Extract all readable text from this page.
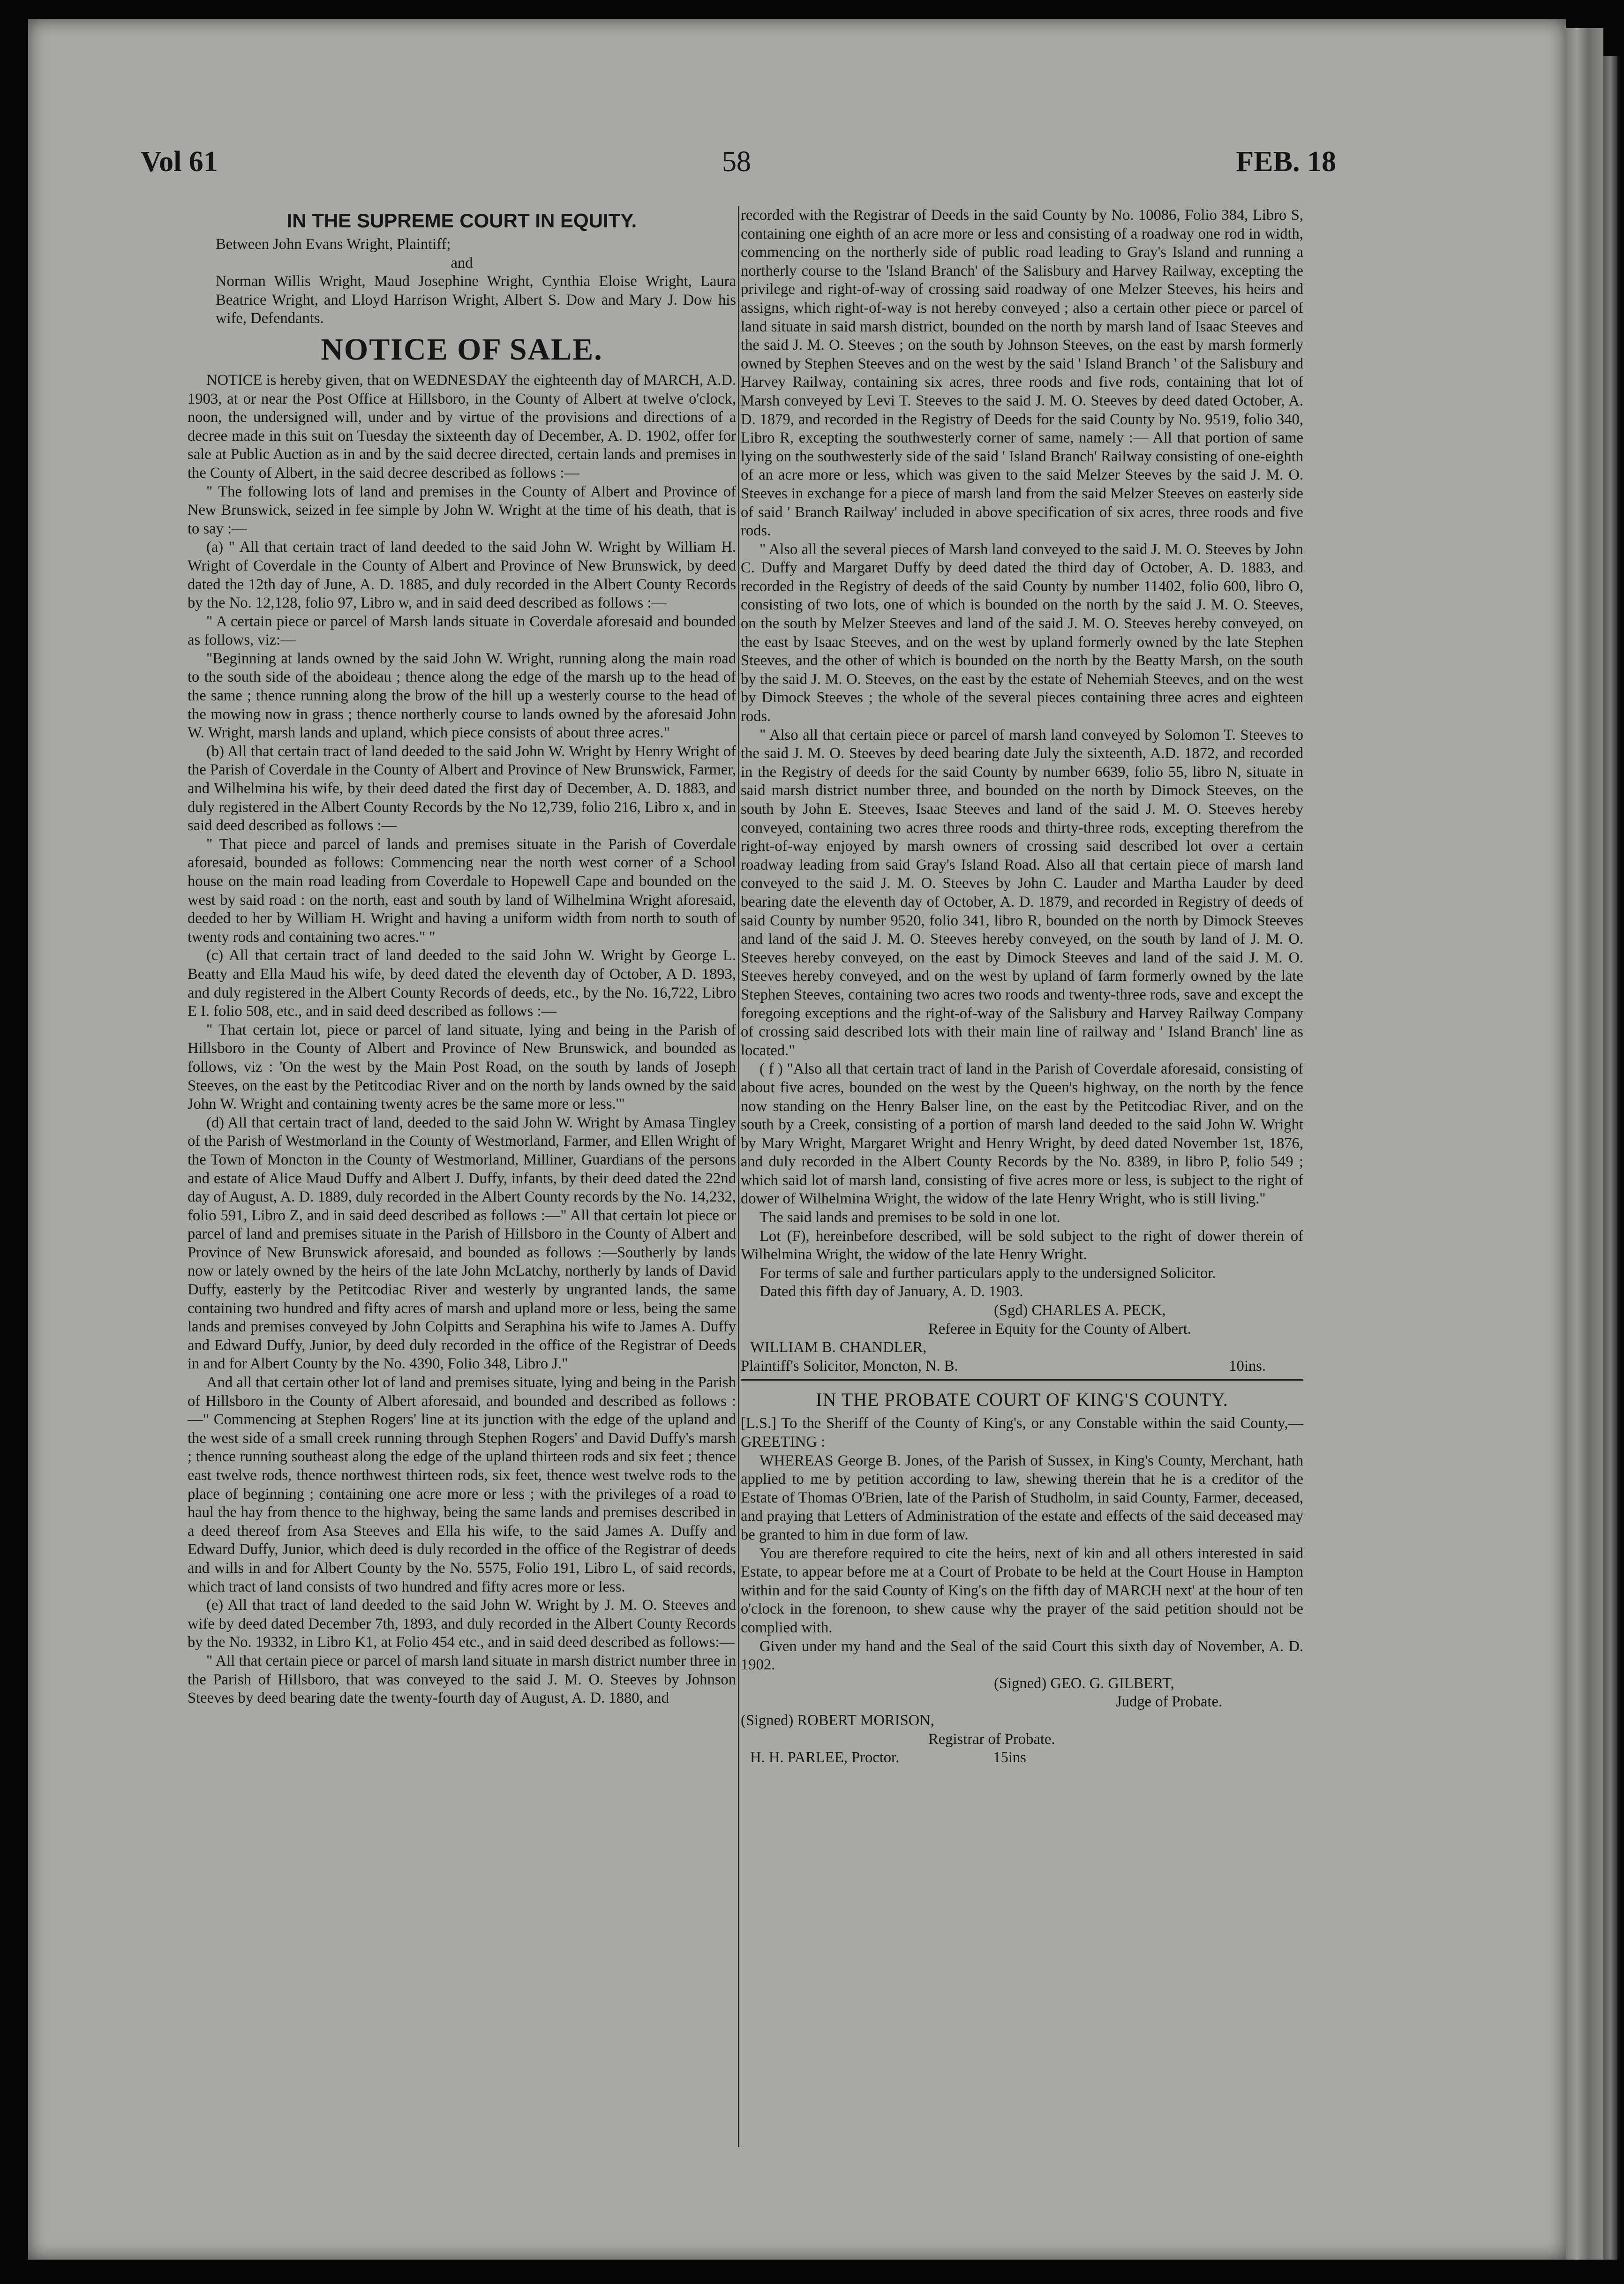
Vol 61	58	FEB. 18

IN THE SUPREME COURT IN EQUITY.

Between John Evans Wright, Plaintiff;

and

Norman Willis Wright, Maud Josephine Wright, Cynthia Eloise Wright, Laura Beatrice Wright, and Lloyd Harrison Wright, Albert S. Dow and Mary J. Dow his wife, Defendants.

NOTICE OF SALE.

NOTICE is hereby given, that on WEDNESDAY the eighteenth day of MARCH, A.D. 1903, at or near the Post Office at Hillsboro, in the County of Albert at twelve o'clock, noon, the undersigned will, under and by virtue of the provisions and directions of a decree made in this suit on Tuesday the sixteenth day of December, A. D. 1902, offer for sale at Public Auction as in and by the said decree directed, certain lands and premises in the County of Albert, in the said decree described as follows :—

" The following lots of land and premises in the County of Albert and Province of New Brunswick, seized in fee simple by John W. Wright at the time of his death, that is to say :—

(a) " All that certain tract of land deeded to the said John W. Wright by William H. Wright of Coverdale in the County of Albert and Province of New Brunswick, by deed dated the 12th day of June, A. D. 1885, and duly recorded in the Albert County Records by the No. 12,128, folio 97, Libro w, and in said deed described as follows :—

" A certain piece or parcel of Marsh lands situate in Coverdale aforesaid and bounded as follows, viz:—

"Beginning at lands owned by the said John W. Wright, running along the main road to the south side of the aboideau ; thence along the edge of the marsh up to the head of the same ; thence running along the brow of the hill up a westerly course to the head of the mowing now in grass ; thence northerly course to lands owned by the aforesaid John W. Wright, marsh lands and upland, which piece consists of about three acres."

(b) All that certain tract of land deeded to the said John W. Wright by Henry Wright of the Parish of Coverdale in the County of Albert and Province of New Brunswick, Farmer, and Wilhelmina his wife, by their deed dated the first day of December, A. D. 1883, and duly registered in the Albert County Records by the No 12,739, folio 216, Libro x, and in said deed described as follows :—

" That piece and parcel of lands and premises situate in the Parish of Coverdale aforesaid, bounded as follows: Commencing near the north west corner of a School house on the main road leading from Coverdale to Hopewell Cape and bounded on the west by said road : on the north, east and south by land of Wilhelmina Wright aforesaid, deeded to her by William H. Wright and having a uniform width from north to south of twenty rods and containing two acres." "

(c) All that certain tract of land deeded to the said John W. Wright by George L. Beatty and Ella Maud his wife, by deed dated the eleventh day of October, A D. 1893, and duly registered in the Albert County Records of deeds, etc., by the No. 16,722, Libro E I. folio 508, etc., and in said deed described as follows :—

" That certain lot, piece or parcel of land situate, lying and being in the Parish of Hillsboro in the County of Albert and Province of New Brunswick, and bounded as follows, viz : 'On the west by the Main Post Road, on the south by lands of Joseph Steeves, on the east by the Petitcodiac River and on the north by lands owned by the said John W. Wright and containing twenty acres be the same more or less.'"

(d) All that certain tract of land, deeded to the said John W. Wright by Amasa Tingley of the Parish of Westmorland in the County of Westmorland, Farmer, and Ellen Wright of the Town of Moncton in the County of Westmorland, Milliner, Guardians of the persons and estate of Alice Maud Duffy and Albert J. Duffy, infants, by their deed dated the 22nd day of August, A. D. 1889, duly recorded in the Albert County records by the No. 14,232, folio 591, Libro Z, and in said deed described as follows :—" All that certain lot piece or parcel of land and premises situate in the Parish of Hillsboro in the County of Albert and Province of New Brunswick aforesaid, and bounded as follows :—Southerly by lands now or lately owned by the heirs of the late John McLatchy, northerly by lands of David Duffy, easterly by the Petitcodiac River and westerly by ungranted lands, the same containing two hundred and fifty acres of marsh and upland more or less, being the same lands and premises conveyed by John Colpitts and Seraphina his wife to James A. Duffy and Edward Duffy, Junior, by deed duly recorded in the office of the Registrar of Deeds in and for Albert County by the No. 4390, Folio 348, Libro J."

And all that certain other lot of land and premises situate, lying and being in the Parish of Hillsboro in the County of Albert aforesaid, and bounded and described as follows :—" Commencing at Stephen Rogers' line at its junction with the edge of the upland and the west side of a small creek running through Stephen Rogers' and David Duffy's marsh ; thence running southeast along the edge of the upland thirteen rods and six feet ; thence east twelve rods, thence northwest thirteen rods, six feet, thence west twelve rods to the place of beginning ; containing one acre more or less ; with the privileges of a road to haul the hay from thence to the highway, being the same lands and premises described in a deed thereof from Asa Steeves and Ella his wife, to the said James A. Duffy and Edward Duffy, Junior, which deed is duly recorded in the office of the Registrar of deeds and wills in and for Albert County by the No. 5575, Folio 191, Libro L, of said records, which tract of land consists of two hundred and fifty acres more or less.

(e) All that tract of land deeded to the said John W. Wright by J. M. O. Steeves and wife by deed dated December 7th, 1893, and duly recorded in the Albert County Records by the No. 19332, in Libro K1, at Folio 454 etc., and in said deed described as follows:—

" All that certain piece or parcel of marsh land situate in marsh district number three in the Parish of Hillsboro, that was conveyed to the said J. M. O. Steeves by Johnson Steeves by deed bearing date the twenty-fourth day of August, A. D. 1880, and

recorded with the Registrar of Deeds in the said County by No. 10086, Folio 384, Libro S, containing one eighth of an acre more or less and consisting of a roadway one rod in width, commencing on the northerly side of public road leading to Gray's Island and running a northerly course to the 'Island Branch' of the Salisbury and Harvey Railway, excepting the privilege and right-of-way of crossing said roadway of one Melzer Steeves, his heirs and assigns, which right-of-way is not hereby conveyed ; also a certain other piece or parcel of land situate in said marsh district, bounded on the north by marsh land of Isaac Steeves and the said J. M. O. Steeves ; on the south by Johnson Steeves, on the east by marsh formerly owned by Stephen Steeves and on the west by the said ' Island Branch ' of the Salisbury and Harvey Railway, containing six acres, three roods and five rods, containing that lot of Marsh conveyed by Levi T. Steeves to the said J. M. O. Steeves by deed dated October, A. D. 1879, and recorded in the Registry of Deeds for the said County by No. 9519, folio 340, Libro R, excepting the southwesterly corner of same, namely :— All that portion of same lying on the southwesterly side of the said ' Island Branch' Railway consisting of one-eighth of an acre more or less, which was given to the said Melzer Steeves by the said J. M. O. Steeves in exchange for a piece of marsh land from the said Melzer Steeves on easterly side of said ' Branch Railway' included in above specification of six acres, three roods and five rods.

" Also all the several pieces of Marsh land conveyed to the said J. M. O. Steeves by John C. Duffy and Margaret Duffy by deed dated the third day of October, A. D. 1883, and recorded in the Registry of deeds of the said County by number 11402, folio 600, libro O, consisting of two lots, one of which is bounded on the north by the said J. M. O. Steeves, on the south by Melzer Steeves and land of the said J. M. O. Steeves hereby conveyed, on the east by Isaac Steeves, and on the west by upland formerly owned by the late Stephen Steeves, and the other of which is bounded on the north by the Beatty Marsh, on the south by the said J. M. O. Steeves, on the east by the estate of Nehemiah Steeves, and on the west by Dimock Steeves ; the whole of the several pieces containing three acres and eighteen rods.

" Also all that certain piece or parcel of marsh land conveyed by Solomon T. Steeves to the said J. M. O. Steeves by deed bearing date July the sixteenth, A.D. 1872, and recorded in the Registry of deeds for the said County by number 6639, folio 55, libro N, situate in said marsh district number three, and bounded on the north by Dimock Steeves, on the south by John E. Steeves, Isaac Steeves and land of the said J. M. O. Steeves hereby conveyed, containing two acres three roods and thirty-three rods, excepting therefrom the right-of-way enjoyed by marsh owners of crossing said described lot over a certain roadway leading from said Gray's Island Road. Also all that certain piece of marsh land conveyed to the said J. M. O. Steeves by John C. Lauder and Martha Lauder by deed bearing date the eleventh day of October, A. D. 1879, and recorded in Registry of deeds of said County by number 9520, folio 341, libro R, bounded on the north by Dimock Steeves and land of the said J. M. O. Steeves hereby conveyed, on the south by land of J. M. O. Steeves hereby conveyed, on the east by Dimock Steeves and land of the said J. M. O. Steeves hereby conveyed, and on the west by upland of farm formerly owned by the late Stephen Steeves, containing two acres two roods and twenty-three rods, save and except the foregoing exceptions and the right-of-way of the Salisbury and Harvey Railway Company of crossing said described lots with their main line of railway and ' Island Branch' line as located."

( f ) "Also all that certain tract of land in the Parish of Coverdale aforesaid, consisting of about five acres, bounded on the west by the Queen's highway, on the north by the fence now standing on the Henry Balser line, on the east by the Petitcodiac River, and on the south by a Creek, consisting of a portion of marsh land deeded to the said John W. Wright by Mary Wright, Margaret Wright and Henry Wright, by deed dated November 1st, 1876, and duly recorded in the Albert County Records by the No. 8389, in libro P, folio 549 ; which said lot of marsh land, consisting of five acres more or less, is subject to the right of dower of Wilhelmina Wright, the widow of the late Henry Wright, who is still living."

The said lands and premises to be sold in one lot.

Lot (F), hereinbefore described, will be sold subject to the right of dower therein of Wilhelmina Wright, the widow of the late Henry Wright.

For terms of sale and further particulars apply to the undersigned Solicitor.

Dated this fifth day of January, A. D. 1903.

(Sgd) CHARLES A. PECK,

Referee in Equity for the County of Albert.

WILLIAM B. CHANDLER,

Plaintiff's Solicitor, Moncton, N. B.	10ins.

IN THE PROBATE COURT OF KING'S COUNTY.

[L.S.] To the Sheriff of the County of King's, or any Constable within the said County,—GREETING :

WHEREAS George B. Jones, of the Parish of Sussex, in King's County, Merchant, hath applied to me by petition according to law, shewing therein that he is a creditor of the Estate of Thomas O'Brien, late of the Parish of Studholm, in said County, Farmer, deceased, and praying that Letters of Administration of the estate and effects of the said deceased may be granted to him in due form of law.

You are therefore required to cite the heirs, next of kin and all others interested in said Estate, to appear before me at a Court of Probate to be held at the Court House in Hampton within and for the said County of King's on the fifth day of MARCH next' at the hour of ten o'clock in the forenoon, to shew cause why the prayer of the said petition should not be complied with.

Given under my hand and the Seal of the said Court this sixth day of November, A. D. 1902.

(Signed) GEO. G. GILBERT,

Judge of Probate.

(Signed) ROBERT MORISON,

Registrar of Probate.

H. H. PARLEE, Proctor.	15ins
